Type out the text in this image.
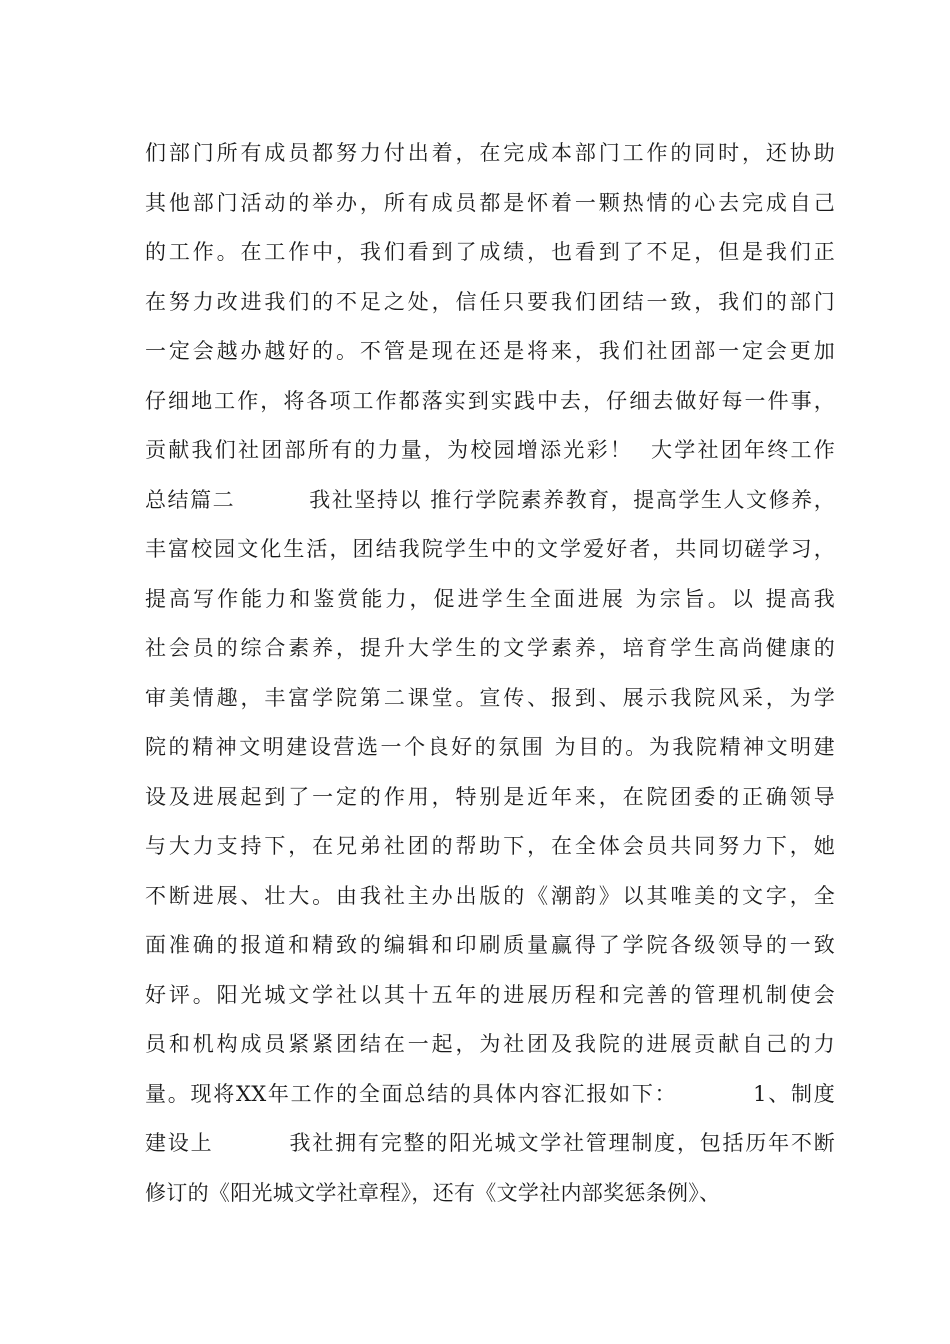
们部门所有成员都努力付出着，在完成本部门工作的同时，还协助
其他部门活动的举办，所有成员都是怀着一颗热情的心去完成自己
的工作。在工作中，我们看到了成绩，也看到了不足，但是我们正
在努力改进我们的不足之处，信任只要我们团结一致，我们的部门
一定会越办越好的。不管是现在还是将来，我们社团部一定会更加
仔细地工作，将各项工作都落实到实践中去，仔细去做好每一件事，
贡献我们社团部所有的力量，为校园增添光彩！  大学社团年终工作
总结篇二         我社坚持以 推行学院素养教育，提高学生人文修养，
丰富校园文化生活，团结我院学生中的文学爱好者，共同切磋学习，
提高写作能力和鉴赏能力，促进学生全面进展 为宗旨。以 提高我
社会员的综合素养，提升大学生的文学素养，培育学生高尚健康的
审美情趣，丰富学院第二课堂。宣传、报到、展示我院风采，为学
院的精神文明建设营选一个良好的氛围 为目的。为我院精神文明建
设及进展起到了一定的作用，特别是近年来，在院团委的正确领导
与大力支持下，在兄弟社团的帮助下，在全体会员共同努力下，她
不断进展、壮大。由我社主办出版的《潮韵》以其唯美的文字，全
面准确的报道和精致的编辑和印刷质量赢得了学院各级领导的一致
好评。阳光城文学社以其十五年的进展历程和完善的管理机制使会
员和机构成员紧紧团结在一起，为社团及我院的进展贡献自己的力
量。现将XX年工作的全面总结的具体内容汇报如下：         1、制度
建设上         我社拥有完整的阳光城文学社管理制度，包括历年不断
修订的《阳光城文学社章程》，还有《文学社内部奖惩条例》、
